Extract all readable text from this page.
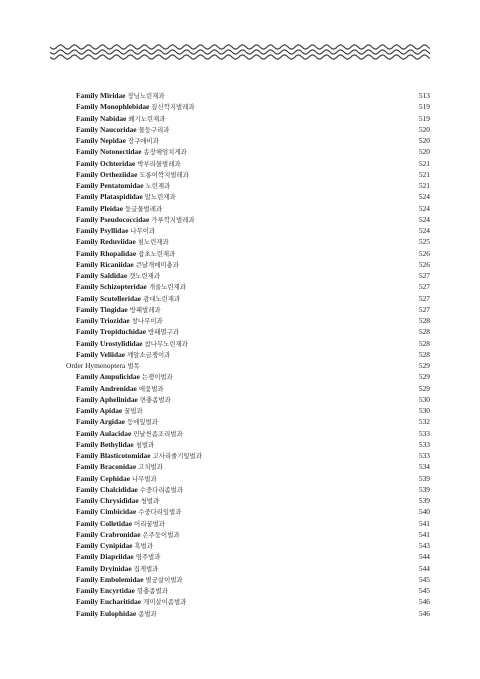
Family Miridae 장님노린재과	513
Family Monophlebidae 짚신깍지벌레과	519
Family Nabidae 쐐기노린재과	519
Family Naucoridae 물둥구리과	520
Family Nepidae 장구애비과	520
Family Notonectidae 송장헤엄치게과	520
Family Ochteridae 박부리물벌레과	521
Family Ortheziidae 도롱이깍지벌레과	521
Family Pentatomidae 노린재과	521
Family Plataspididae 알노린재과	524
Family Pleidae 둥글물벌레과	524
Family Pseudococcidae 가루깍지벌레과	524
Family Psyllidae 나무이과	524
Family Reduviidae 침노린재과	525
Family Rhopalidae 잡초노린재과	526
Family Ricaniidae 큰날개매미충과	526
Family Saldidae 갯노린재과	527
Family Schizopteridae 개울노린재과	527
Family Scutelleridae 광대노린재과	527
Family Tingidae 방패벌레과	527
Family Triozidae 창나무이과	528
Family Tropiduchidae 방패멸구과	528
Family Urostylididae 참나무노린재과	528
Family Veliidae 깨알소금쟁이과	528
Order Hymenoptera 벌목	529
Family Ampulicidae 는쟁이벌과	529
Family Andrenidae 애꽃벌과	529
Family Aphelinidae 면충좀벌과	530
Family Apidae 꿀벌과	530
Family Argidae 등에잎벌과	532
Family Aulacidae 민날씬좀조리벌과	533
Family Bethylidae 침벌과	533
Family Blasticotomidae 고사리줄기잎벌과	533
Family Braconidae 고치벌과	534
Family Cephidae 나무벌과	539
Family Chalcididae 수중다리좀벌과	539
Family Chrysididae 청벌과	539
Family Cimbicidae 수중다리잎벌과	540
Family Colletidae 어리꿀벌과	541
Family Crabronidae 은주둥이벌과	541
Family Cynipidae 혹벌과	543
Family Diapriidae 염주벌과	544
Family Dryinidae 집게벌과	544
Family Embolemidae 별궁살이벌과	545
Family Encyrtidae 깡충좀벌과	545
Family Eucharitidae 개미살이좀벌과	546
Family Eulophidae 좀벌과	546
